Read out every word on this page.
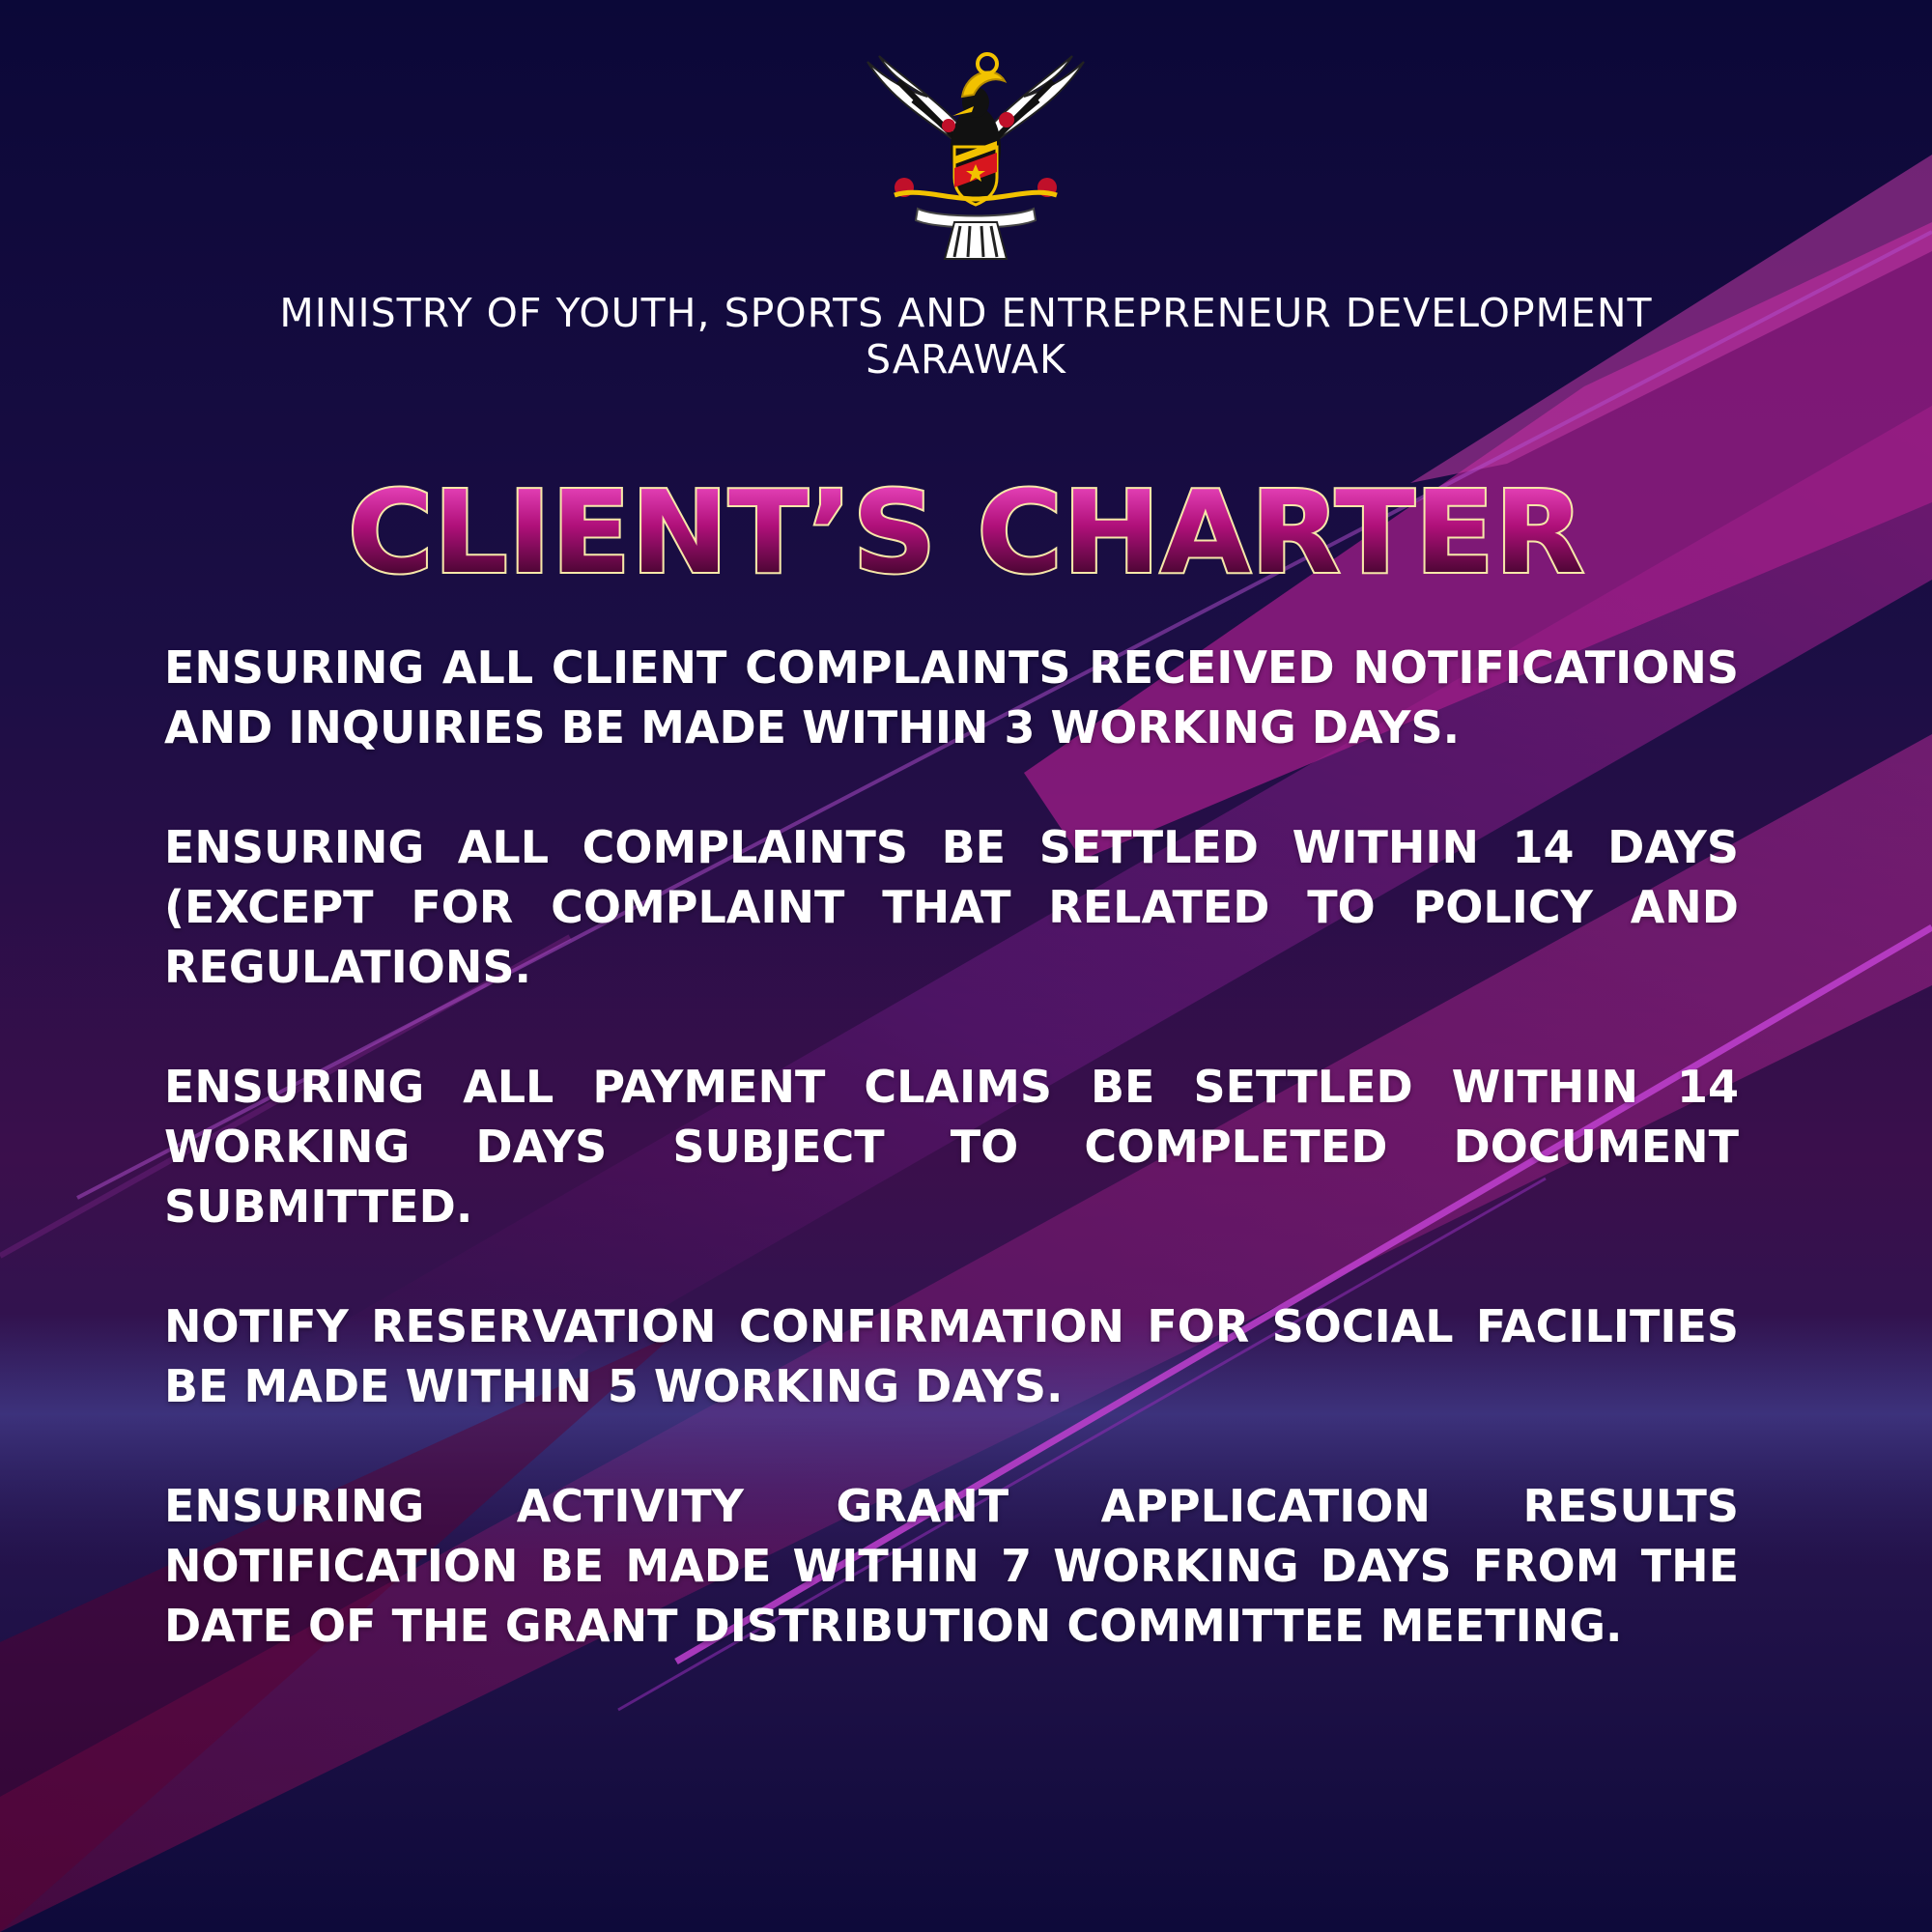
MINISTRY OF YOUTH, SPORTS AND ENTREPRENEUR DEVELOPMENT
SARAWAK
CLIENT’S CHARTER
ENSURING ALL CLIENT COMPLAINTS RECEIVED NOTIFICATIONS AND INQUIRIES BE MADE WITHIN 3 WORKING DAYS.
ENSURING ALL COMPLAINTS BE SETTLED WITHIN 14 DAYS (EXCEPT FOR COMPLAINT THAT RELATED TO POLICY AND REGULATIONS.
ENSURING ALL PAYMENT CLAIMS BE SETTLED WITHIN 14 WORKING DAYS SUBJECT TO COMPLETED DOCUMENT SUBMITTED.
NOTIFY RESERVATION CONFIRMATION FOR SOCIAL FACILITIES BE MADE WITHIN 5 WORKING DAYS.
ENSURING ACTIVITY GRANT APPLICATION RESULTS NOTIFICATION BE MADE WITHIN 7 WORKING DAYS FROM THE DATE OF THE GRANT DISTRIBUTION COMMITTEE MEETING.
